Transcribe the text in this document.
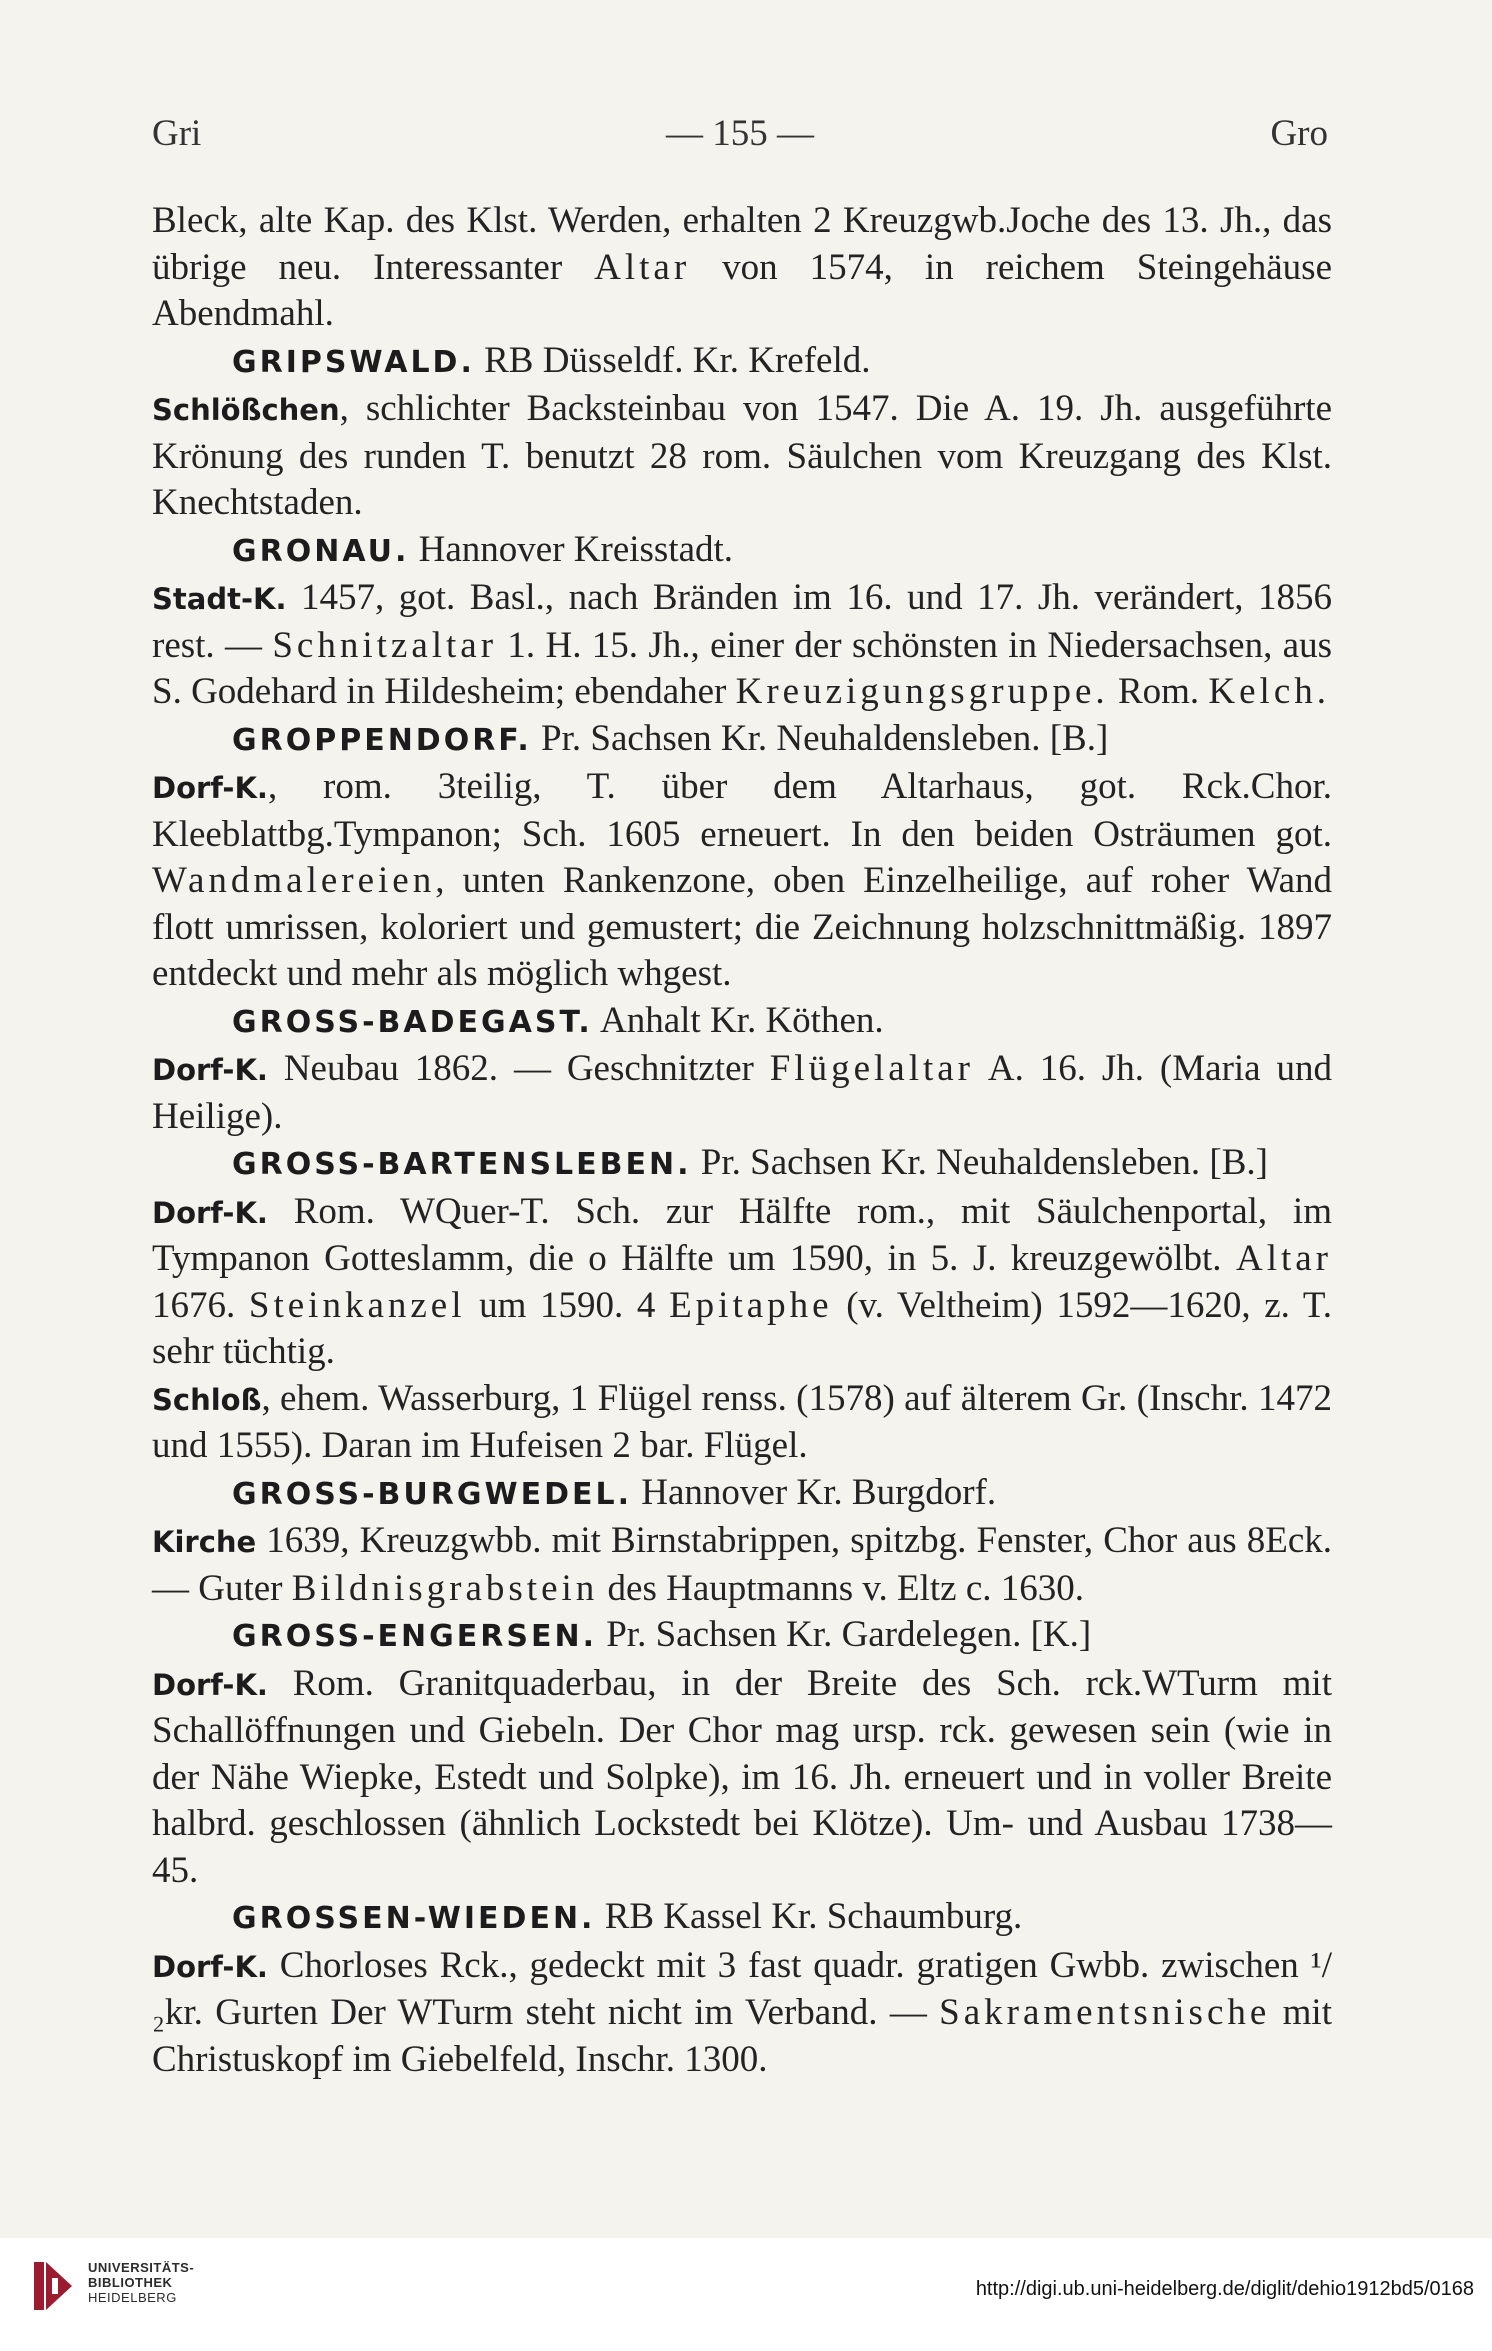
Gri	— 155 —	Gro

Bleck, alte Kap. des Klst. Werden, erhalten 2 Kreuzgwb.Joche des 13. Jh., das übrige neu. Interessanter Altar von 1574, in reichem Steingehäuse Abendmahl.

GRIPSWALD. RB Düsseldf. Kr. Krefeld.

Schlößchen, schlichter Backsteinbau von 1547. Die A. 19. Jh. ausgeführte Krönung des runden T. benutzt 28 rom. Säulchen vom Kreuzgang des Klst. Knechtstaden.

GRONAU. Hannover Kreisstadt.

Stadt-K. 1457, got. Basl., nach Bränden im 16. und 17. Jh. verändert, 1856 rest. — Schnitzaltar 1. H. 15. Jh., einer der schönsten in Niedersachsen, aus S. Godehard in Hildesheim; ebendaher Kreuzigungsgruppe. Rom. Kelch.

GROPPENDORF. Pr. Sachsen Kr. Neuhaldensleben. [B.]

Dorf-K., rom. 3teilig, T. über dem Altarhaus, got. Rck.Chor. Kleeblattbg.Tympanon; Sch. 1605 erneuert. In den beiden Osträumen got. Wandmalereien, unten Rankenzone, oben Einzelheilige, auf roher Wand flott umrissen, koloriert und gemustert; die Zeichnung holzschnittmäßig. 1897 entdeckt und mehr als möglich whgest.

GROSS-BADEGAST. Anhalt Kr. Köthen.

Dorf-K. Neubau 1862. — Geschnitzter Flügelaltar A. 16. Jh. (Maria und Heilige).

GROSS-BARTENSLEBEN. Pr. Sachsen Kr. Neuhaldensleben. [B.]

Dorf-K. Rom. WQuer-T. Sch. zur Hälfte rom., mit Säulchenportal, im Tympanon Gotteslamm, die o Hälfte um 1590, in 5. J. kreuzgewölbt. Altar 1676. Steinkanzel um 1590. 4 Epitaphe (v. Veltheim) 1592—1620, z. T. sehr tüchtig.

Schloß, ehem. Wasserburg, 1 Flügel renss. (1578) auf älterem Gr. (Inschr. 1472 und 1555). Daran im Hufeisen 2 bar. Flügel.

GROSS-BURGWEDEL. Hannover Kr. Burgdorf.

Kirche 1639, Kreuzgwbb. mit Birnstabrippen, spitzbg. Fenster, Chor aus 8Eck. — Guter Bildnisgrabstein des Hauptmanns v. Eltz c. 1630.

GROSS-ENGERSEN. Pr. Sachsen Kr. Gardelegen. [K.]

Dorf-K. Rom. Granitquaderbau, in der Breite des Sch. rck.WTurm mit Schallöffnungen und Giebeln. Der Chor mag ursp. rck. gewesen sein (wie in der Nähe Wiepke, Estedt und Solpke), im 16. Jh. erneuert und in voller Breite halbrd. geschlossen (ähnlich Lockstedt bei Klötze). Um- und Ausbau 1738—45.

GROSSEN-WIEDEN. RB Kassel Kr. Schaumburg.

Dorf-K. Chorloses Rck., gedeckt mit 3 fast quadr. gratigen Gwbb. zwischen ¹/₂kr. Gurten Der WTurm steht nicht im Verband. — Sakramentsnische mit Christuskopf im Giebelfeld, Inschr. 1300.

UNIVERSITÄTS-
BIBLIOTHEK
HEIDELBERG	http://digi.ub.uni-heidelberg.de/diglit/dehio1912bd5/0168
